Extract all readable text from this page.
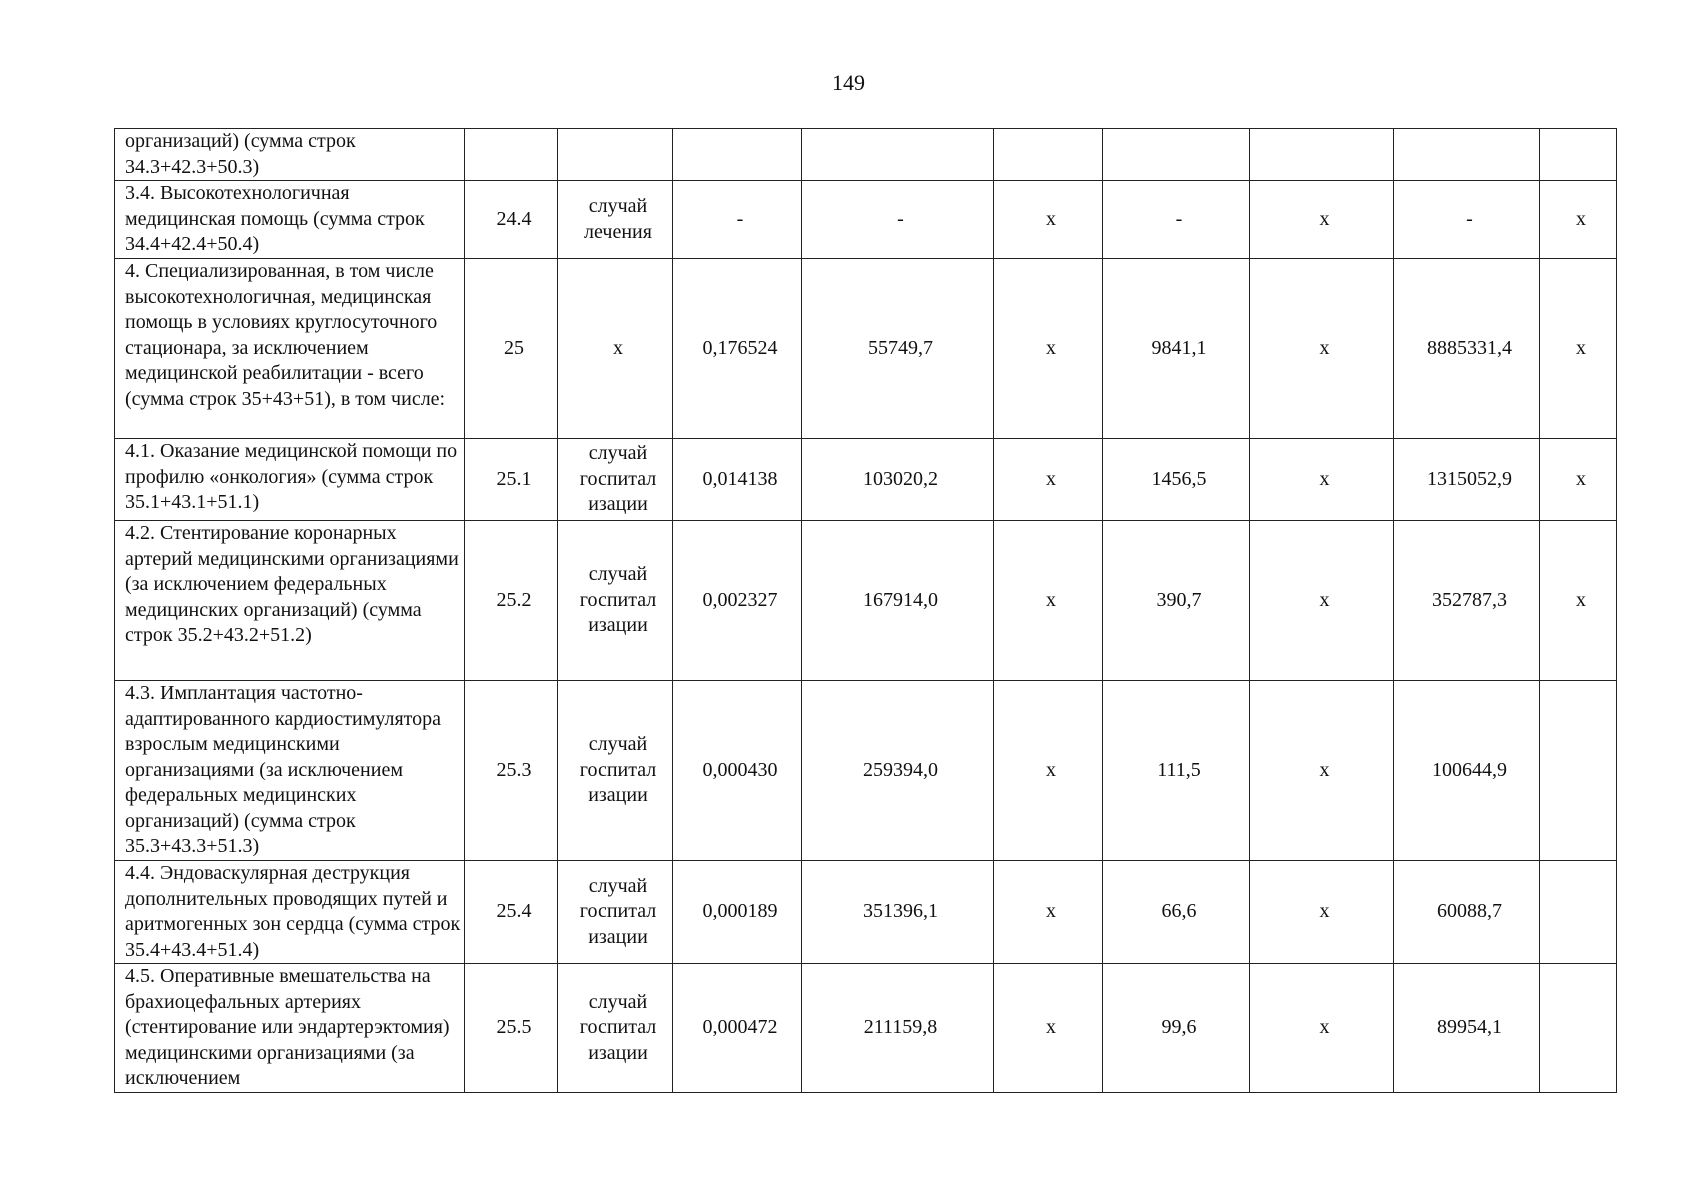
149
организаций) (сумма строк 34.3+42.3+50.3)									
3.4. Высокотехнологичная медицинская помощь (сумма строк 34.4+42.4+50.4)	24.4	случай лечения	-	-	x	-	x	-	x
4. Специализированная, в том числе высокотехнологичная, медицинская помощь в условиях круглосуточного стационара, за исключением медицинской реабилитации - всего (сумма строк 35+43+51), в том числе:	25	x	0,176524	55749,7	x	9841,1	x	8885331,4	x
4.1. Оказание медицинской помощи по профилю «онкология» (сумма строк 35.1+43.1+51.1)	25.1	случай госпитал изации	0,014138	103020,2	x	1456,5	x	1315052,9	x
4.2. Стентирование коронарных артерий медицинскими организациями (за исключением федеральных медицинских организаций) (сумма строк 35.2+43.2+51.2)	25.2	случай госпитал изации	0,002327	167914,0	x	390,7	x	352787,3	x
4.3. Имплантация частотно-адаптированного кардиостимулятора взрослым медицинскими организациями (за исключением федеральных медицинских организаций) (сумма строк 35.3+43.3+51.3)	25.3	случай госпитал изации	0,000430	259394,0	x	111,5	x	100644,9	
4.4. Эндоваскулярная деструкция дополнительных проводящих путей и аритмогенных зон сердца (сумма строк 35.4+43.4+51.4)	25.4	случай госпитал изации	0,000189	351396,1	x	66,6	x	60088,7	
4.5. Оперативные вмешательства на брахиоцефальных артериях (стентирование или эндартерэктомия) медицинскими организациями (за исключением	25.5	случай госпитал изации	0,000472	211159,8	x	99,6	x	89954,1	
